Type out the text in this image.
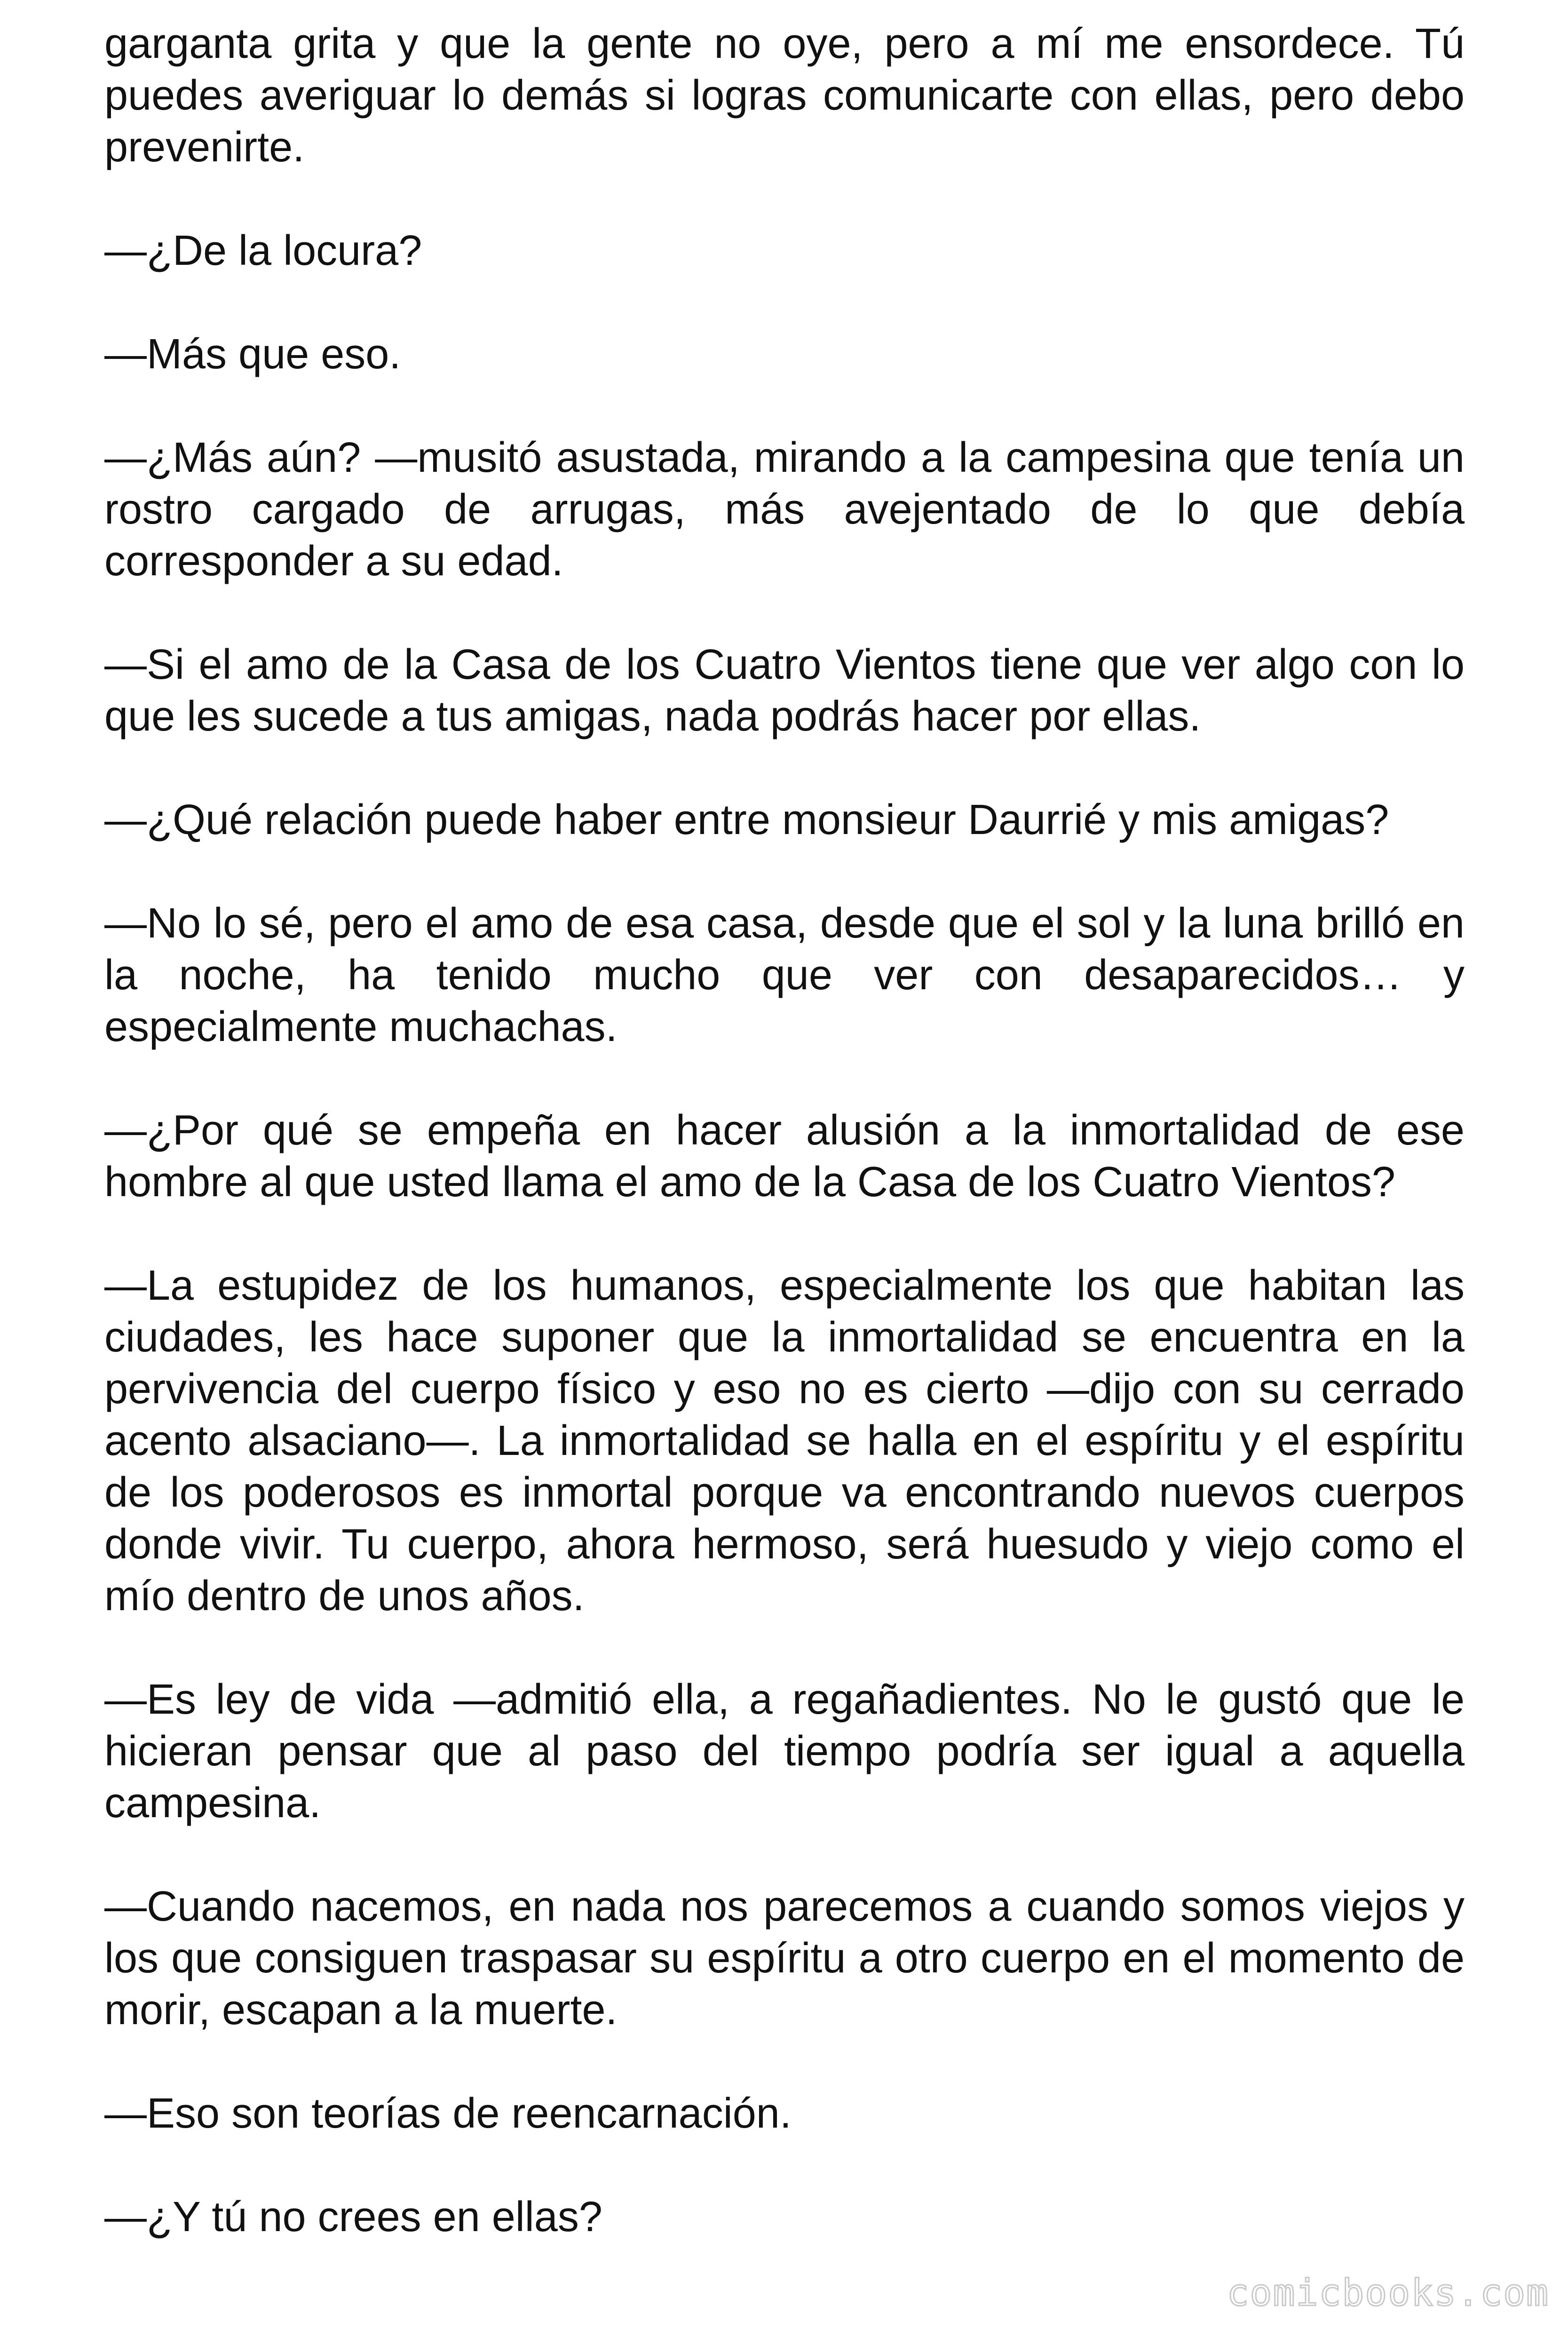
garganta grita y que la gente no oye, pero a mí me ensordece. Tú puedes averiguar lo demás si logras comunicarte con ellas, pero debo prevenirte.

—¿De la locura?

—Más que eso.

—¿Más aún? —musitó asustada, mirando a la campesina que tenía un rostro cargado de arrugas, más avejentado de lo que debía corresponder a su edad.

—Si el amo de la Casa de los Cuatro Vientos tiene que ver algo con lo que les sucede a tus amigas, nada podrás hacer por ellas.

—¿Qué relación puede haber entre monsieur Daurrié y mis amigas?

—No lo sé, pero el amo de esa casa, desde que el sol y la luna brilló en la noche, ha tenido mucho que ver con desaparecidos… y especialmente muchachas.

—¿Por qué se empeña en hacer alusión a la inmortalidad de ese hombre al que usted llama el amo de la Casa de los Cuatro Vientos?

—La estupidez de los humanos, especialmente los que habitan las ciudades, les hace suponer que la inmortalidad se encuentra en la pervivencia del cuerpo físico y eso no es cierto —dijo con su cerrado acento alsaciano—. La inmortalidad se halla en el espíritu y el espíritu de los poderosos es inmortal porque va encontrando nuevos cuerpos donde vivir. Tu cuerpo, ahora hermoso, será huesudo y viejo como el mío dentro de unos años.

—Es ley de vida —admitió ella, a regañadientes. No le gustó que le hicieran pensar que al paso del tiempo podría ser igual a aquella campesina.

—Cuando nacemos, en nada nos parecemos a cuando somos viejos y los que consiguen traspasar su espíritu a otro cuerpo en el momento de morir, escapan a la muerte.

—Eso son teorías de reencarnación.

—¿Y tú no crees en ellas?

comicbooks.com
